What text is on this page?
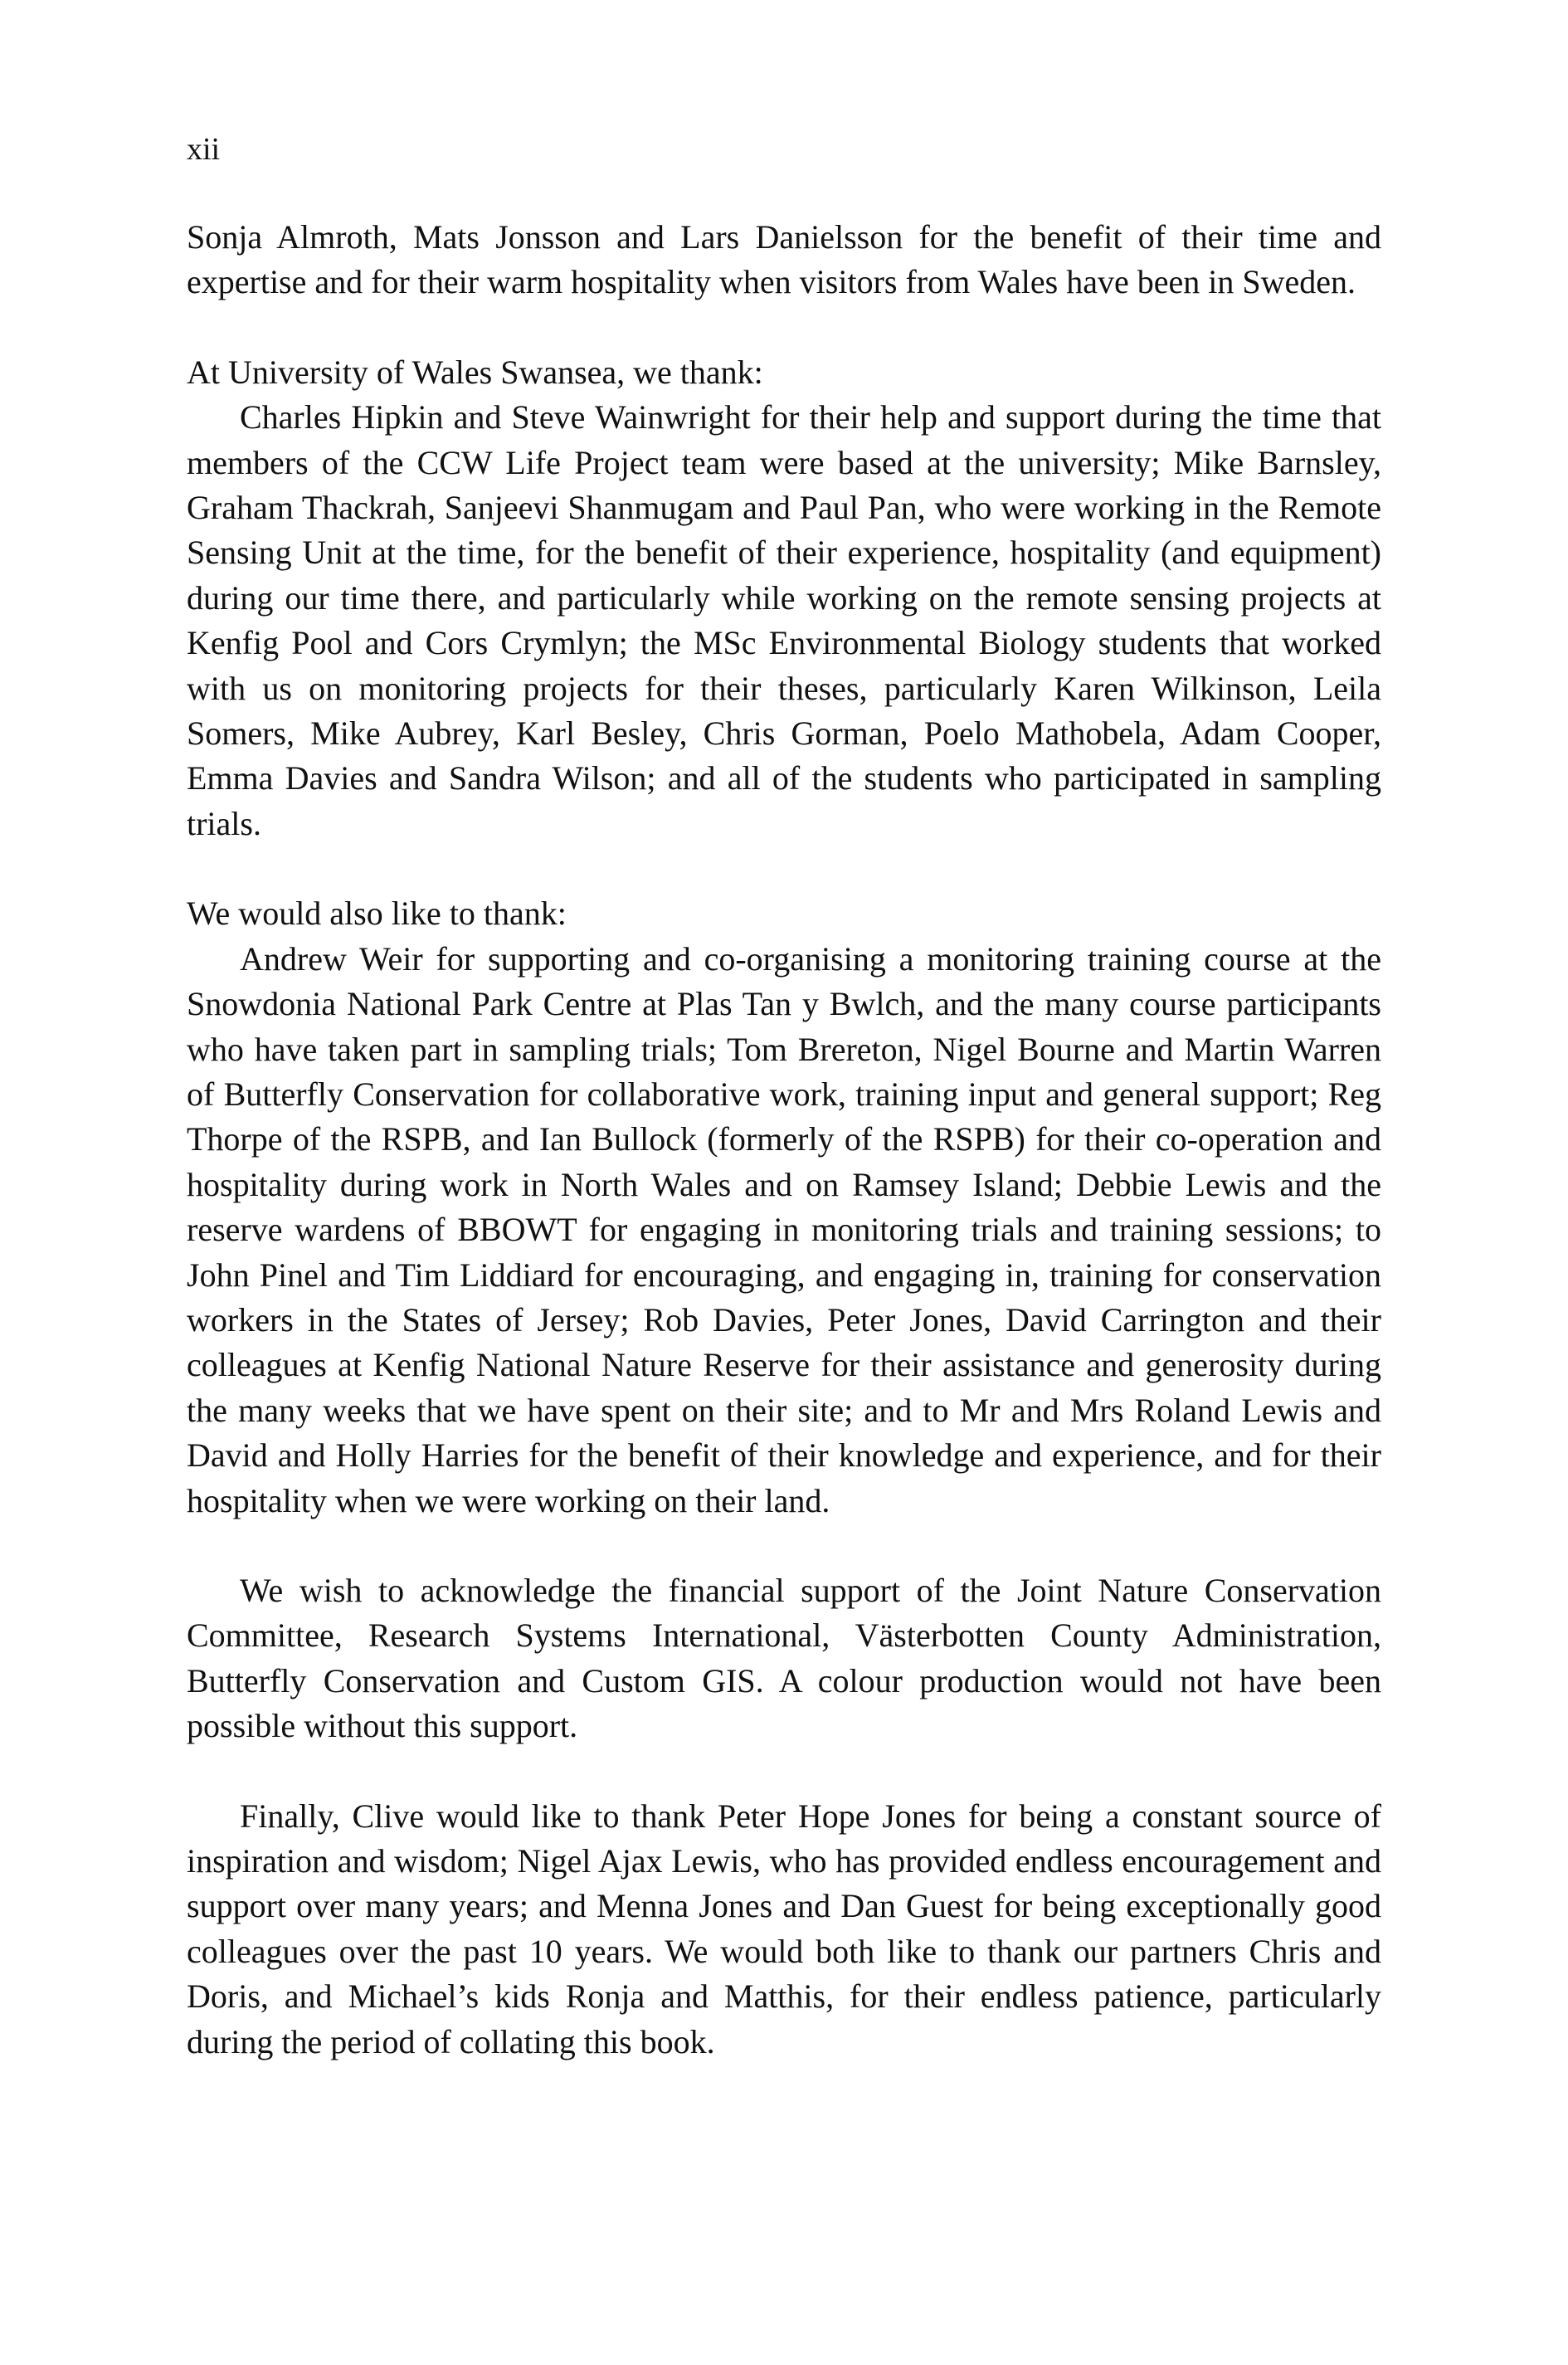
xii

Sonja Almroth, Mats Jonsson and Lars Danielsson for the benefit of their time and expertise and for their warm hospitality when visitors from Wales have been in Sweden.

At University of Wales Swansea, we thank:

Charles Hipkin and Steve Wainwright for their help and support during the time that members of the CCW Life Project team were based at the university; Mike Barnsley, Graham Thackrah, Sanjeevi Shanmugam and Paul Pan, who were working in the Remote Sensing Unit at the time, for the benefit of their experience, hospitality (and equipment) during our time there, and particularly while working on the remote sensing projects at Kenfig Pool and Cors Crymlyn; the MSc Environmental Biology students that worked with us on monitoring projects for their theses, particularly Karen Wilkinson, Leila Somers, Mike Aubrey, Karl Besley, Chris Gorman, Poelo Mathobela, Adam Cooper, Emma Davies and Sandra Wilson; and all of the students who participated in sampling trials.

We would also like to thank:

Andrew Weir for supporting and co-organising a monitoring training course at the Snowdonia National Park Centre at Plas Tan y Bwlch, and the many course participants who have taken part in sampling trials; Tom Brereton, Nigel Bourne and Martin Warren of Butterfly Conservation for collaborative work, training input and general support; Reg Thorpe of the RSPB, and Ian Bullock (formerly of the RSPB) for their co-operation and hospitality during work in North Wales and on Ramsey Island; Debbie Lewis and the reserve wardens of BBOWT for engaging in monitoring trials and training sessions; to John Pinel and Tim Liddiard for encouraging, and engaging in, training for conservation workers in the States of Jersey; Rob Davies, Peter Jones, David Carrington and their colleagues at Kenfig National Nature Reserve for their assistance and generosity during the many weeks that we have spent on their site; and to Mr and Mrs Roland Lewis and David and Holly Harries for the benefit of their knowledge and experience, and for their hospitality when we were working on their land.

We wish to acknowledge the financial support of the Joint Nature Conservation Committee, Research Systems International, Västerbotten County Administration, Butterfly Conservation and Custom GIS. A colour production would not have been possible without this support.

Finally, Clive would like to thank Peter Hope Jones for being a constant source of inspiration and wisdom; Nigel Ajax Lewis, who has provided endless encouragement and support over many years; and Menna Jones and Dan Guest for being exceptionally good colleagues over the past 10 years. We would both like to thank our partners Chris and Doris, and Michael’s kids Ronja and Matthis, for their endless patience, particularly during the period of collating this book.
